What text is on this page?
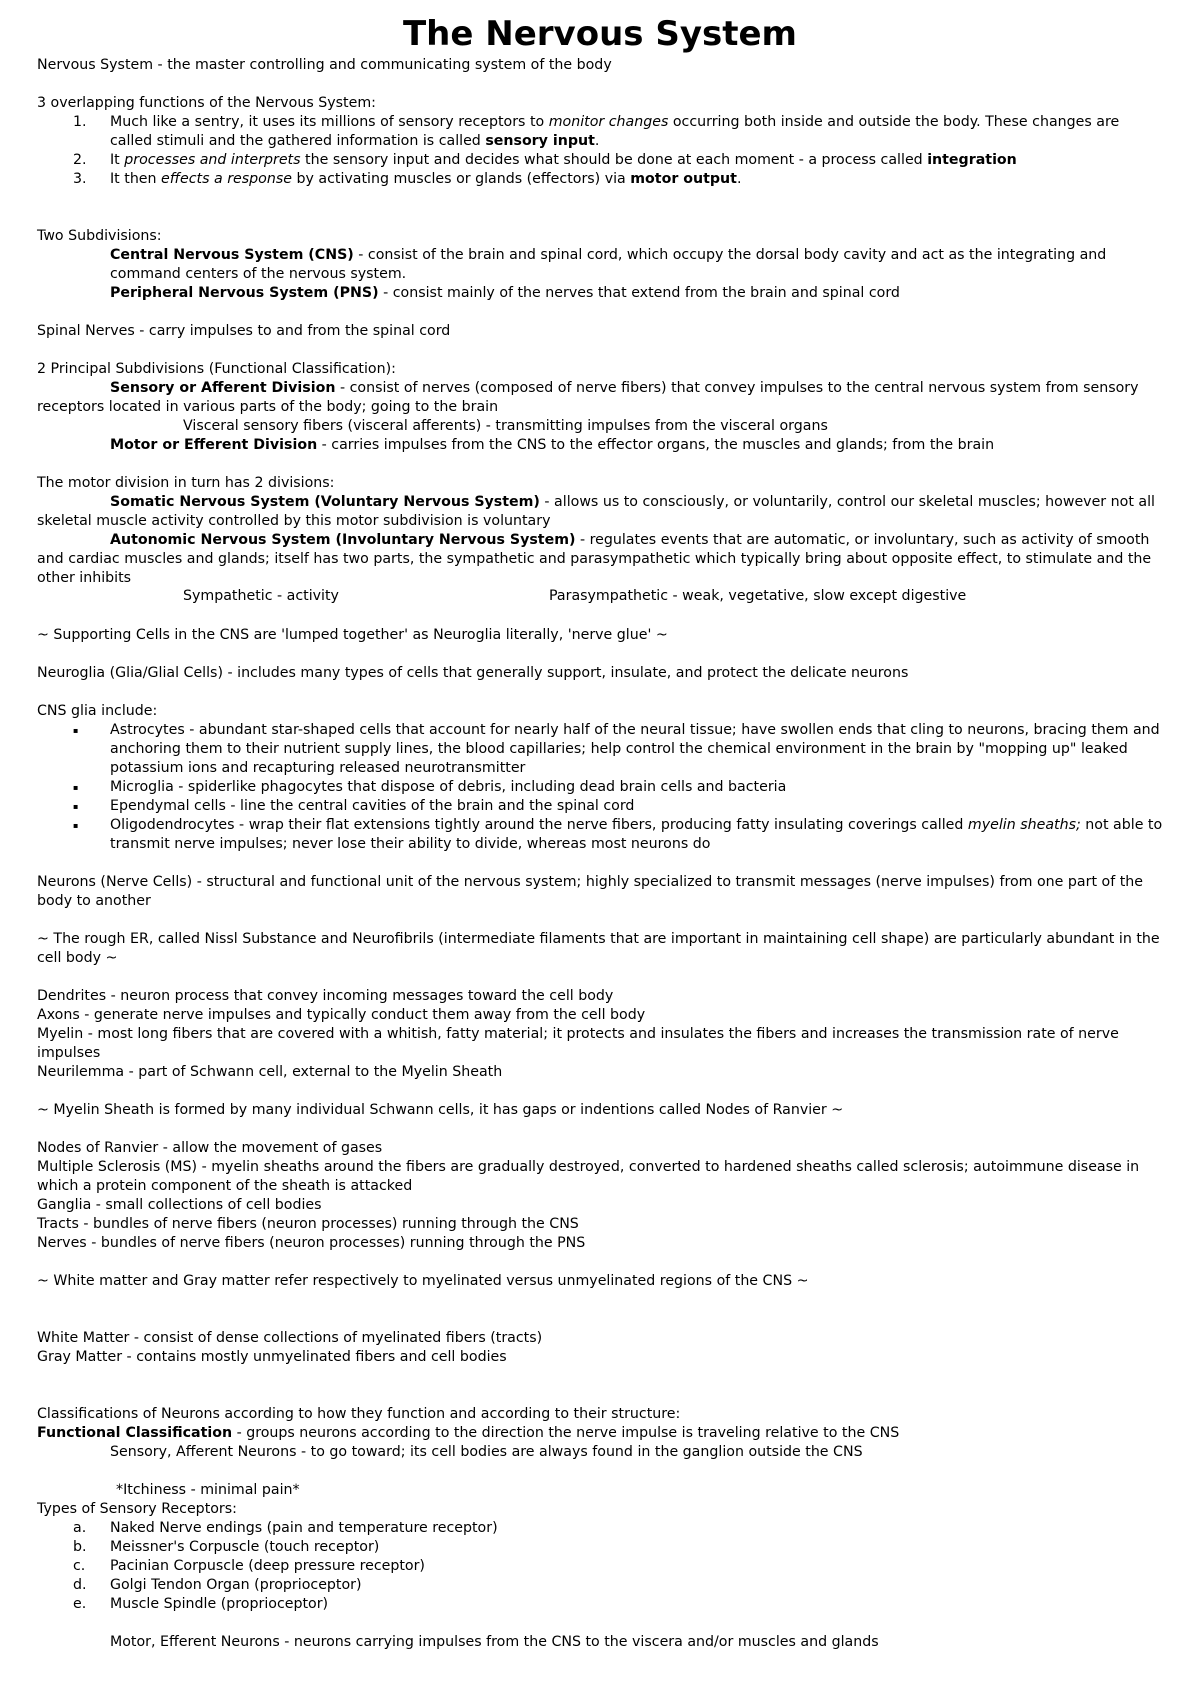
The Nervous System

Nervous System - the master controlling and communicating system of the body

3 overlapping functions of the Nervous System:

1. Much like a sentry, it uses its millions of sensory receptors to monitor changes occurring both inside and outside the body. These changes are called stimuli and the gathered information is called sensory input.
2. It processes and interprets the sensory input and decides what should be done at each moment - a process called integration
3. It then effects a response by activating muscles or glands (effectors) via motor output.

Two Subdivisions:

Central Nervous System (CNS) - consist of the brain and spinal cord, which occupy the dorsal body cavity and act as the integrating and command centers of the nervous system.

Peripheral Nervous System (PNS) - consist mainly of the nerves that extend from the brain and spinal cord

Spinal Nerves - carry impulses to and from the spinal cord

2 Principal Subdivisions (Functional Classification):

Sensory or Afferent Division - consist of nerves (composed of nerve fibers) that convey impulses to the central nervous system from sensory receptors located in various parts of the body; going to the brain

Visceral sensory fibers (visceral afferents) - transmitting impulses from the visceral organs

Motor or Efferent Division - carries impulses from the CNS to the effector organs, the muscles and glands; from the brain

The motor division in turn has 2 divisions:

Somatic Nervous System (Voluntary Nervous System) - allows us to consciously, or voluntarily, control our skeletal muscles; however not all skeletal muscle activity controlled by this motor subdivision is voluntary

Autonomic Nervous System (Involuntary Nervous System) - regulates events that are automatic, or involuntary, such as activity of smooth and cardiac muscles and glands; itself has two parts, the sympathetic and parasympathetic which typically bring about opposite effect, to stimulate and the other inhibits

Sympathetic - activity	Parasympathetic - weak, vegetative, slow except digestive

~ Supporting Cells in the CNS are 'lumped together' as Neuroglia literally, 'nerve glue' ~

Neuroglia (Glia/Glial Cells) - includes many types of cells that generally support, insulate, and protect the delicate neurons

CNS glia include:

▪ Astrocytes - abundant star-shaped cells that account for nearly half of the neural tissue; have swollen ends that cling to neurons, bracing them and anchoring them to their nutrient supply lines, the blood capillaries; help control the chemical environment in the brain by "mopping up" leaked potassium ions and recapturing released neurotransmitter
▪ Microglia - spiderlike phagocytes that dispose of debris, including dead brain cells and bacteria
▪ Ependymal cells - line the central cavities of the brain and the spinal cord
▪ Oligodendrocytes - wrap their flat extensions tightly around the nerve fibers, producing fatty insulating coverings called myelin sheaths; not able to transmit nerve impulses; never lose their ability to divide, whereas most neurons do

Neurons (Nerve Cells) - structural and functional unit of the nervous system; highly specialized to transmit messages (nerve impulses) from one part of the body to another

~ The rough ER, called Nissl Substance and Neurofibrils (intermediate filaments that are important in maintaining cell shape) are particularly abundant in the cell body ~

Dendrites - neuron process that convey incoming messages toward the cell body

Axons - generate nerve impulses and typically conduct them away from the cell body

Myelin - most long fibers that are covered with a whitish, fatty material; it protects and insulates the fibers and increases the transmission rate of nerve impulses

Neurilemma - part of Schwann cell, external to the Myelin Sheath

~ Myelin Sheath is formed by many individual Schwann cells, it has gaps or indentions called Nodes of Ranvier ~

Nodes of Ranvier - allow the movement of gases

Multiple Sclerosis (MS) - myelin sheaths around the fibers are gradually destroyed, converted to hardened sheaths called sclerosis; autoimmune disease in which a protein component of the sheath is attacked

Ganglia - small collections of cell bodies

Tracts - bundles of nerve fibers (neuron processes) running through the CNS

Nerves - bundles of nerve fibers (neuron processes) running through the PNS

~ White matter and Gray matter refer respectively to myelinated versus unmyelinated regions of the CNS ~

White Matter - consist of dense collections of myelinated fibers (tracts)

Gray Matter - contains mostly unmyelinated fibers and cell bodies

Classifications of Neurons according to how they function and according to their structure:

Functional Classification - groups neurons according to the direction the nerve impulse is traveling relative to the CNS

Sensory, Afferent Neurons - to go toward; its cell bodies are always found in the ganglion outside the CNS

*Itchiness - minimal pain*

Types of Sensory Receptors:

a. Naked Nerve endings (pain and temperature receptor)
b. Meissner's Corpuscle (touch receptor)
c. Pacinian Corpuscle (deep pressure receptor)
d. Golgi Tendon Organ (proprioceptor)
e. Muscle Spindle (proprioceptor)

Motor, Efferent Neurons - neurons carrying impulses from the CNS to the viscera and/or muscles and glands
